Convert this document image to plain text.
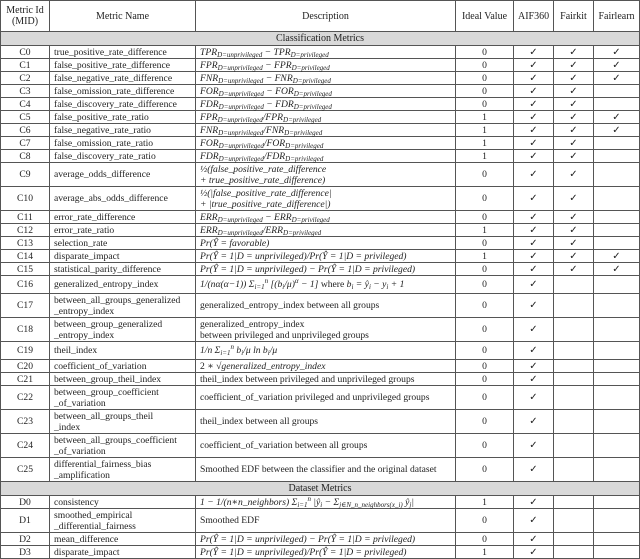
Metric Id (MID)	Metric Name	Description	Ideal Value	AIF360	Fairkit	Fairlearn
Classification Metrics						
C0	true_positive_rate_difference	$TPR_{D=unprivileged} - TPR_{D=privileged}$	0	✓	✓	✓
C1	false_positive_rate_difference	$FPR_{D=unprivileged} - FPR_{D=privileged}$	0	✓	✓	✓
C2	false_negative_rate_difference	$FNR_{D=unprivileged} - FNR_{D=privileged}$	0	✓	✓	✓
C3	false_omission_rate_difference	$FOR_{D=unprivileged} - FOR_{D=privileged}$	0	✓	✓	
C4	false_discovery_rate_difference	$FDR_{D=unprivileged} - FDR_{D=privileged}$	0	✓	✓	
C5	false_positive_rate_ratio	$FPR_{D=unprivileged}/FPR_{D=privileged}$	1	✓	✓	✓
C6	false_negative_rate_ratio	$FNR_{D=unprivileged}/FNR_{D=privileged}$	1	✓	✓	✓
C7	false_omission_rate_ratio	$FOR_{D=unprivileged}/FOR_{D=privileged}$	1	✓	✓	
C8	false_discovery_rate_ratio	$FDR_{D=unprivileged}/FDR_{D=privileged}$	1	✓	✓	
C9	average_odds_difference	½(false_positive_rate_difference
+ true_positive_rate_difference)	0	✓	✓	
C10	average_abs_odds_difference	½(|false_positive_rate_difference|
+ |true_positive_rate_difference|)	0	✓	✓	
C11	error_rate_difference	$ERR_{D=unprivileged} - ERR_{D=privileged}$	0	✓	✓	
C12	error_rate_ratio	$ERR_{D=unprivileged}/ERR_{D=privileged}$	1	✓	✓	
C13	selection_rate	Pr(Ŷ = favorable)	0	✓	✓	
C14	disparate_impact	Pr(Ŷ = 1|D = unprivileged)/Pr(Ŷ = 1|D = privileged)	1	✓	✓	✓
C15	statistical_parity_difference	Pr(Ŷ = 1|D = unprivileged) − Pr(Ŷ = 1|D = privileged)	0	✓	✓	✓
C16	generalized_entropy_index	1/(nα(α−1)) $\Sigma_{i=1}^n$ $[(b_i/\mu)^\alpha - 1]$ where $b_i$ = $ŷ_i - y_i + 1$	0	✓		
C17	between_all_groups_generalized
_entropy_index	generalized_entropy_index between all groups	0	✓		
C18	between_group_generalized
_entropy_index	generalized_entropy_index
between privileged and unprivileged groups	0	✓		
C19	theil_index	1/n $\Sigma_{i=1}^n$ $b_i/\mu$ $\ln b_i/\mu$	0	✓		
C20	coefficient_of_variation	2 ∗ √generalized_entropy_index	0	✓		
C21	between_group_theil_index	theil_index between privileged and unprivileged groups	0	✓		
C22	between_group_coefficient
_of_variation	coefficient_of_variation privileged and unprivileged groups	0	✓		
C23	between_all_groups_theil
_index	theil_index between all groups	0	✓		
C24	between_all_groups_coefficient
_of_variation	coefficient_of_variation between all groups	0	✓		
C25	differential_fairness_bias
_amplification	Smoothed EDF between the classifier and the original dataset	0	✓		
Dataset Metrics						
D0	consistency	1 − 1/(n∗n_neighbors) $\Sigma_{i=1}^n$ $|ŷ_i - \Sigma_{j\in N\_n\_neighbors(x\_i)}$ $ŷ_j|$	1	✓		
D1	smoothed_empirical
_differential_fairness	Smoothed EDF	0	✓		
D2	mean_difference	Pr(Ŷ = 1|D = unprivileged) − Pr(Ŷ = 1|D = privileged)	0	✓		
D3	disparate_impact	Pr(Ŷ = 1|D = unprivileged)/Pr(Ŷ = 1|D = privileged)	1	✓		
